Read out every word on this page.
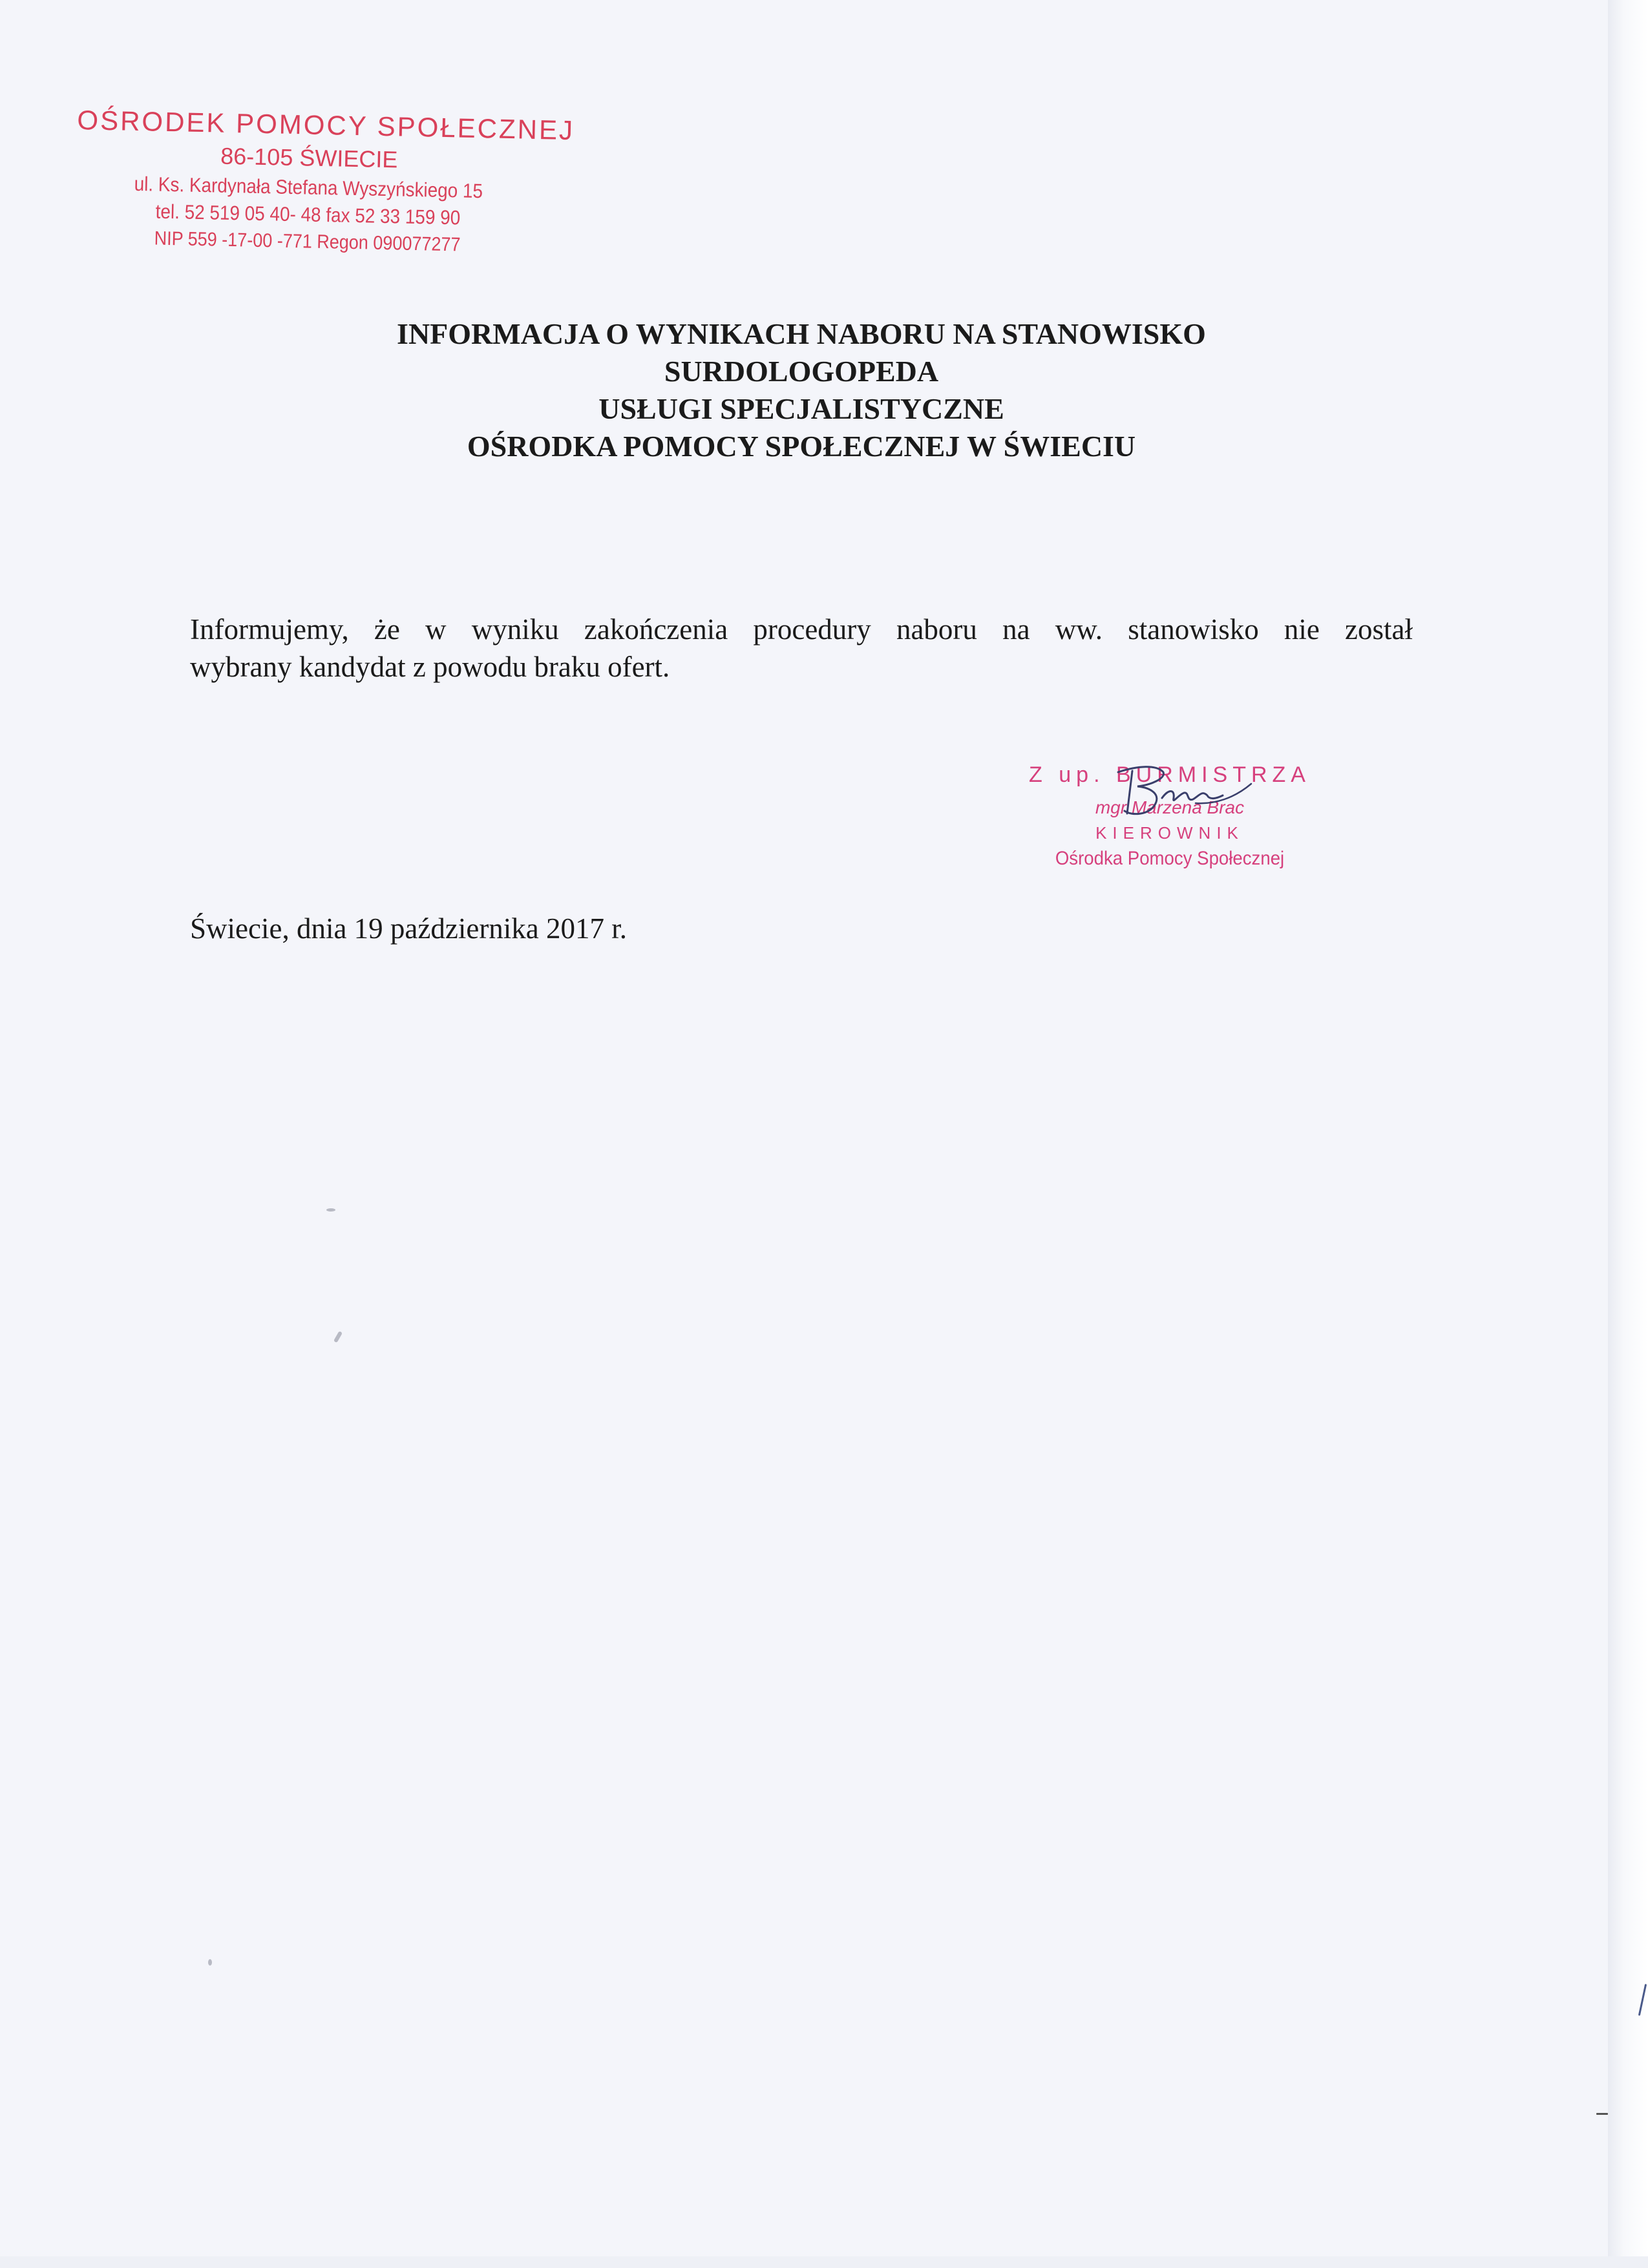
OŚRODEK POMOCY SPOŁECZNEJ
86-105 ŚWIECIE
ul. Ks. Kardynała Stefana Wyszyńskiego 15
tel. 52 519 05 40- 48 fax 52 33 159 90
NIP 559 -17-00 -771 Regon 090077277
INFORMACJA O WYNIKACH NABORU NA STANOWISKO
SURDOLOGOPEDA
USŁUGI SPECJALISTYCZNE
OŚRODKA POMOCY SPOŁECZNEJ W ŚWIECIU
Informujemy, że w wyniku zakończenia procedury naboru na ww. stanowisko nie został
wybrany kandydat z powodu braku ofert.
Z up. BURMISTRZA
mgr Marzena Brac
KIEROWNIK
Ośrodka Pomocy Społecznej
Świecie, dnia 19 października 2017 r.
